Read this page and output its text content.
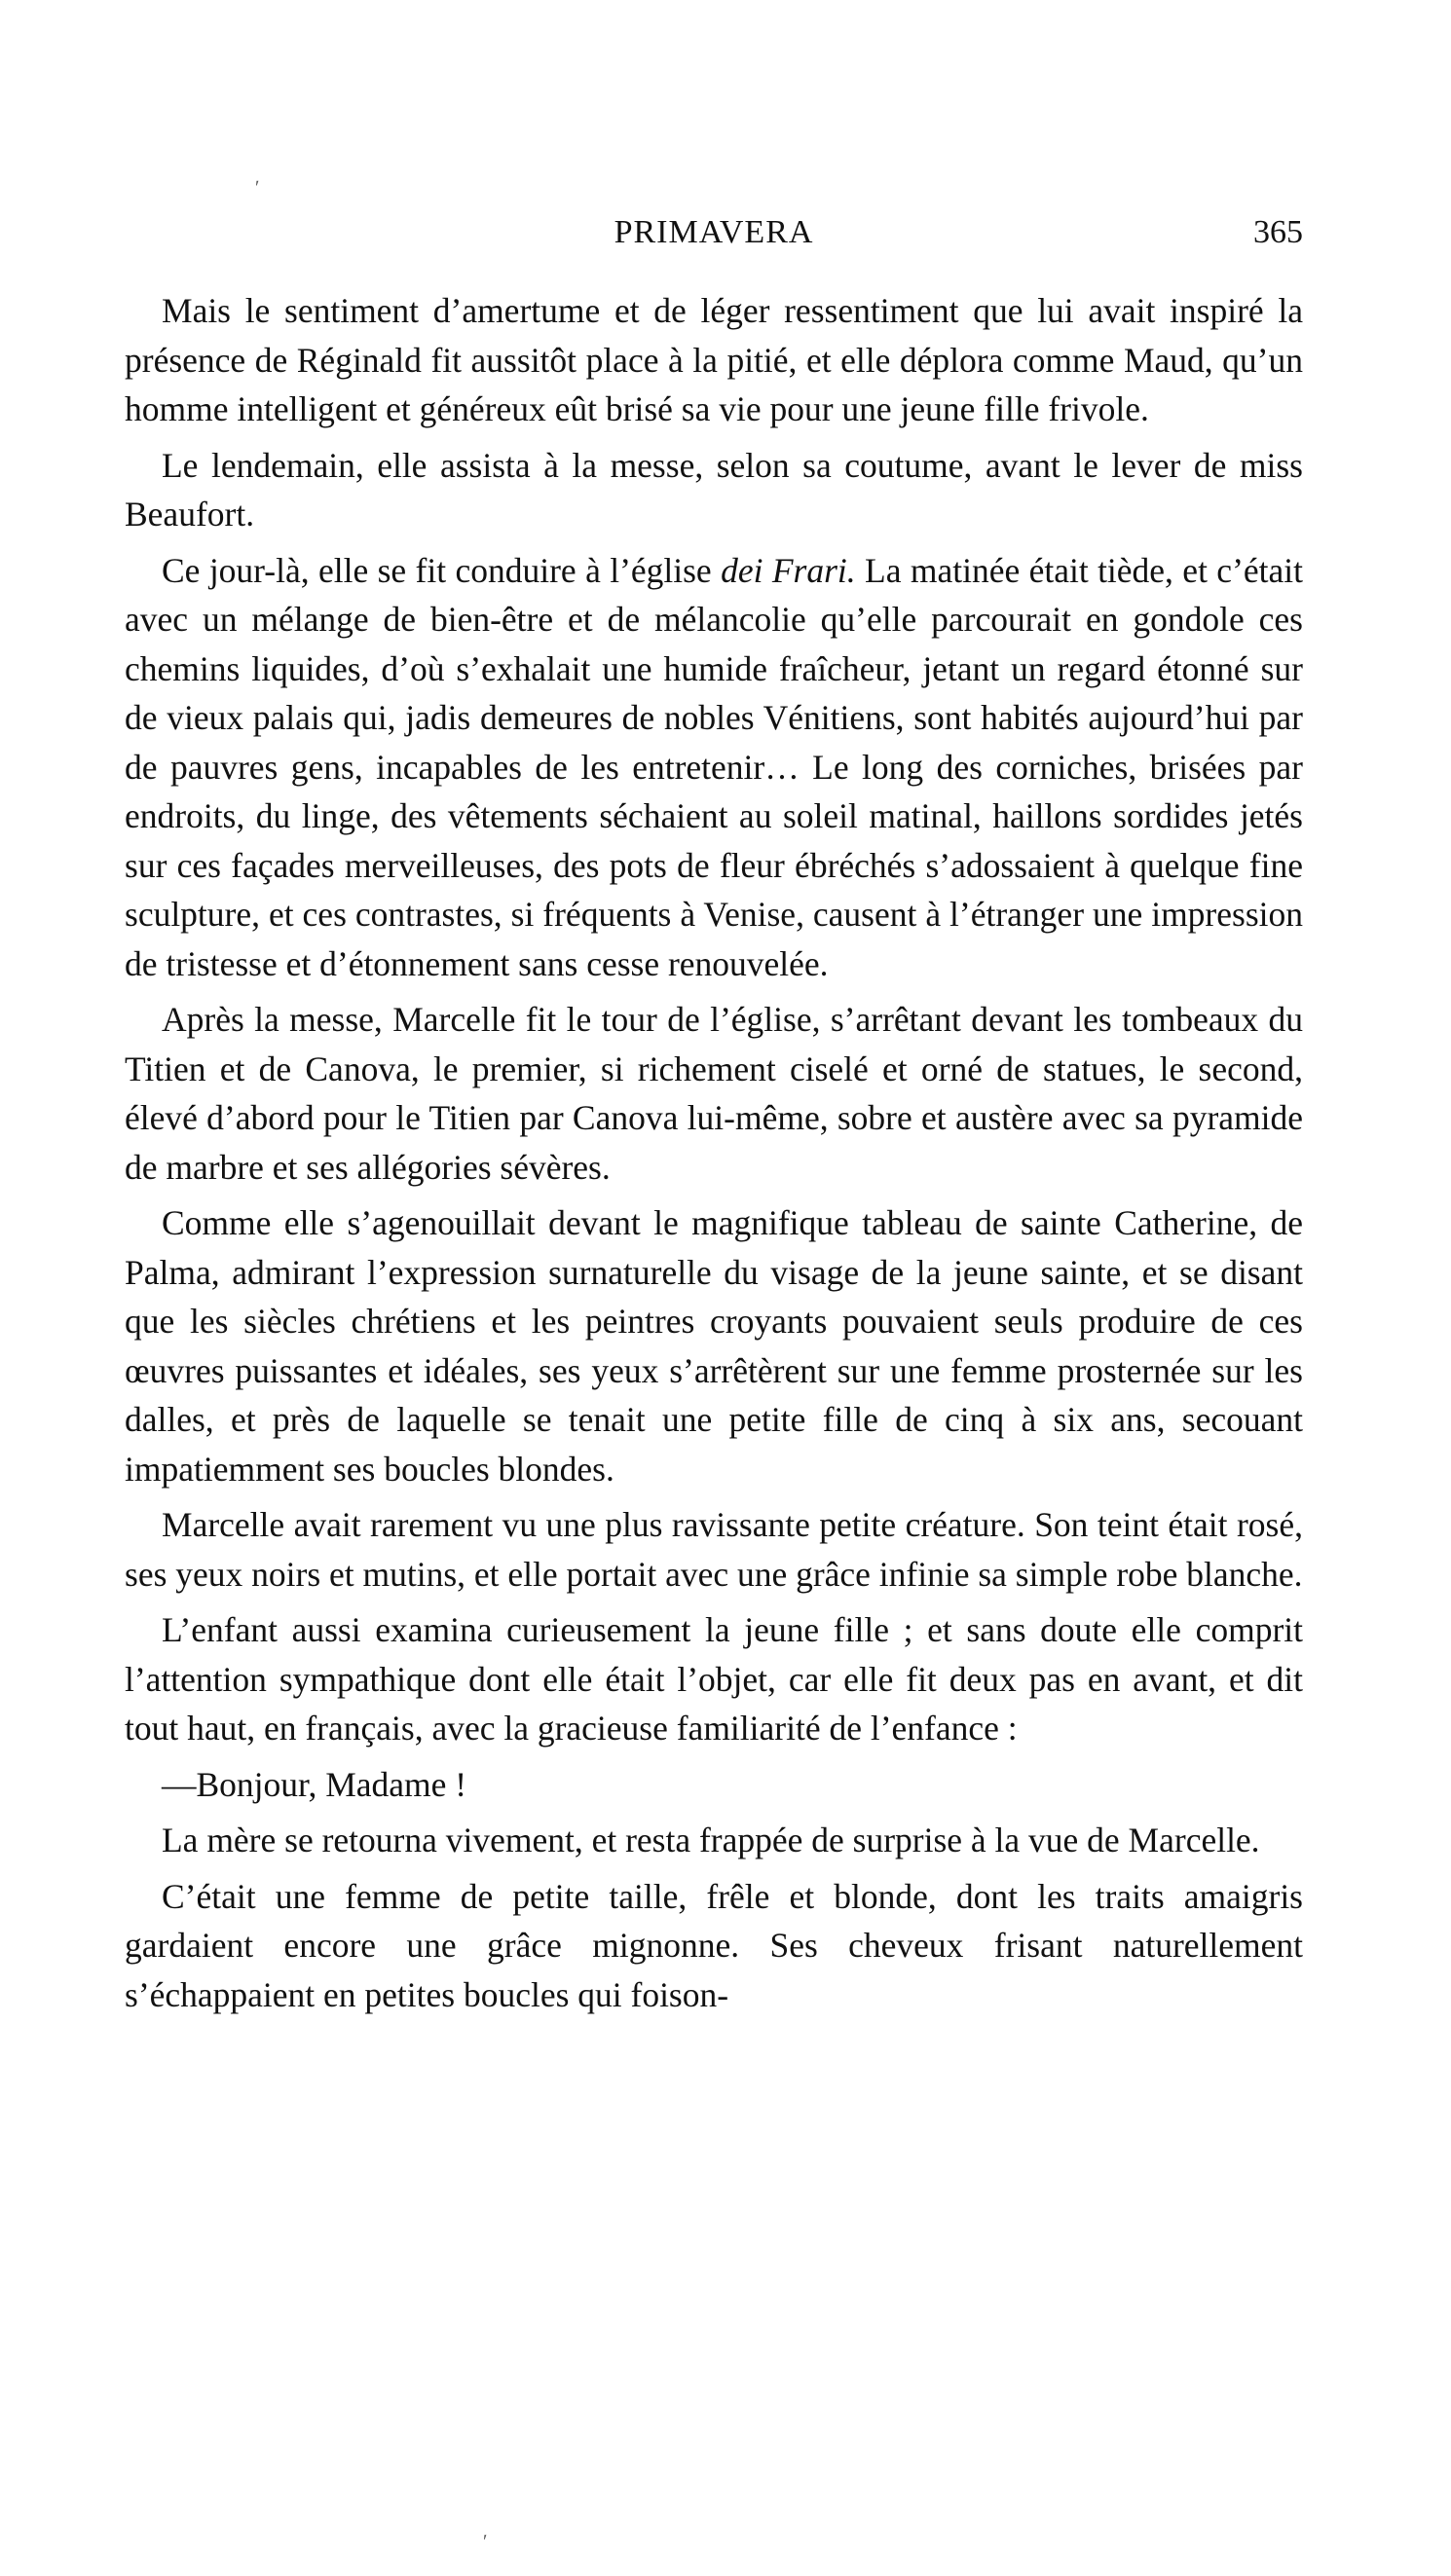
ʹ
PRIMAVERA	365

Mais le sentiment d’amertume et de léger ressentiment que lui avait inspiré la présence de Réginald fit aussitôt place à la pitié, et elle déplora comme Maud, qu’un homme intelligent et généreux eût brisé sa vie pour une jeune fille frivole.

Le lendemain, elle assista à la messe, selon sa coutume, avant le lever de miss Beaufort.

Ce jour-là, elle se fit conduire à l’église dei Frari. La matinée était tiède, et c’était avec un mélange de bien-être et de mélancolie qu’elle parcourait en gondole ces chemins liquides, d’où s’exhalait une humide fraîcheur, jetant un regard étonné sur de vieux palais qui, jadis demeures de nobles Vénitiens, sont habités aujourd’hui par de pauvres gens, incapables de les entretenir… Le long des corniches, brisées par endroits, du linge, des vêtements séchaient au soleil matinal, haillons sordides jetés sur ces façades merveilleuses, des pots de fleur ébréchés s’adossaient à quelque fine sculpture, et ces contrastes, si fréquents à Venise, causent à l’étranger une impression de tristesse et d’étonnement sans cesse renouvelée.

Après la messe, Marcelle fit le tour de l’église, s’arrêtant devant les tombeaux du Titien et de Canova, le premier, si richement ciselé et orné de statues, le second, élevé d’abord pour le Titien par Canova lui-même, sobre et austère avec sa pyramide de marbre et ses allégories sévères.

Comme elle s’agenouillait devant le magnifique tableau de sainte Catherine, de Palma, admirant l’expression surnaturelle du visage de la jeune sainte, et se disant que les siècles chrétiens et les peintres croyants pouvaient seuls produire de ces œuvres puissantes et idéales, ses yeux s’arrêtèrent sur une femme prosternée sur les dalles, et près de laquelle se tenait une petite fille de cinq à six ans, secouant impatiemment ses boucles blondes.

Marcelle avait rarement vu une plus ravissante petite créature. Son teint était rosé, ses yeux noirs et mutins, et elle portait avec une grâce infinie sa simple robe blanche.

L’enfant aussi examina curieusement la jeune fille ; et sans doute elle comprit l’attention sympathique dont elle était l’objet, car elle fit deux pas en avant, et dit tout haut, en français, avec la gracieuse familiarité de l’enfance :

—Bonjour, Madame !

La mère se retourna vivement, et resta frappée de surprise à la vue de Marcelle.

C’était une femme de petite taille, frêle et blonde, dont les traits amaigris gardaient encore une grâce mignonne. Ses cheveux frisant naturellement s’échappaient en petites boucles qui foison-

ʹ
